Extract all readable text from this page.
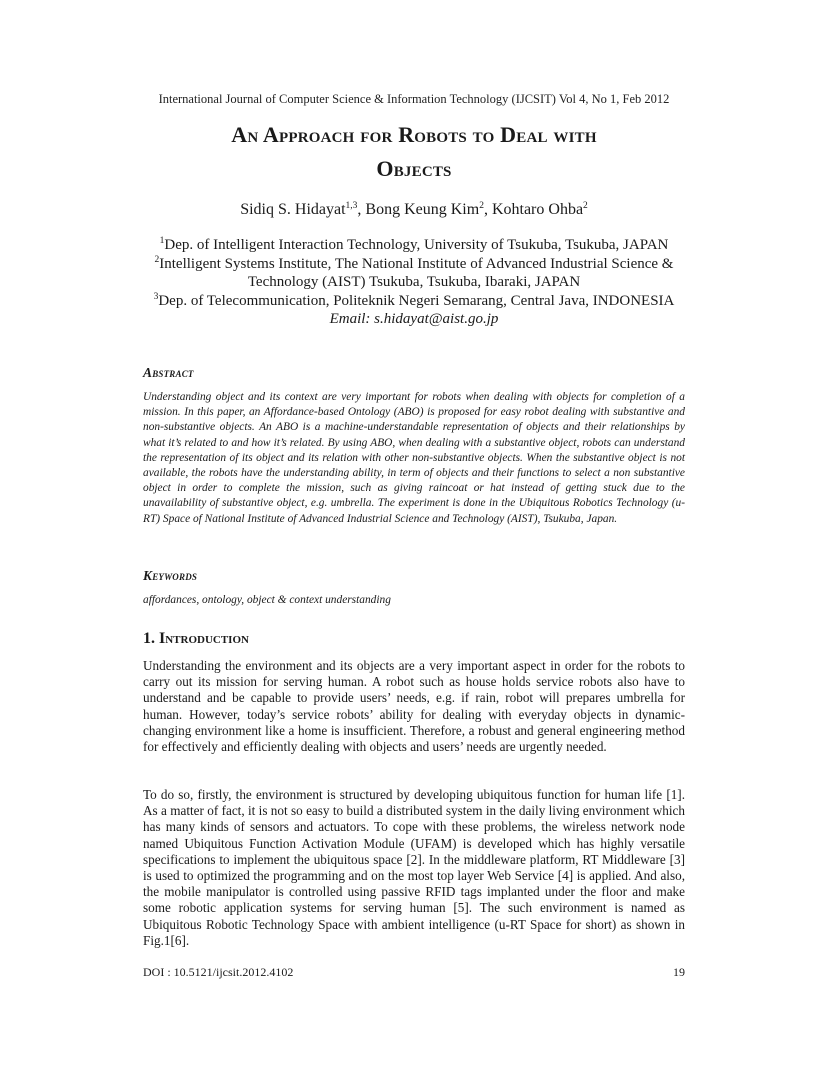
International Journal of Computer Science & Information Technology (IJCSIT) Vol 4, No 1, Feb 2012
An Approach for Robots to Deal with
Objects
Sidiq S. Hidayat$^{1,3}$, Bong Keung Kim$^2$, Kohtaro Ohba$^2$
$^1$Dep. of Intelligent Interaction Technology, University of Tsukuba, Tsukuba, JAPAN
$^2$Intelligent Systems Institute, The National Institute of Advanced Industrial Science &
Technology (AIST) Tsukuba, Tsukuba, Ibaraki, JAPAN
$^3$Dep. of Telecommunication, Politeknik Negeri Semarang, Central Java, INDONESIA
Email: s.hidayat@aist.go.jp
Abstract
Understanding object and its context are very important for robots when dealing with objects for completion of a mission. In this paper, an Affordance-based Ontology (ABO) is proposed for easy robot dealing with substantive and non-substantive objects. An ABO is a machine-understandable representation of objects and their relationships by what it’s related to and how it’s related. By using ABO, when dealing with a substantive object, robots can understand the representation of its object and its relation with other non-substantive objects. When the substantive object is not available, the robots have the understanding ability, in term of objects and their functions to select a non substantive object in order to complete the mission, such as giving raincoat or hat instead of getting stuck due to the unavailability of substantive object, e.g. umbrella. The experiment is done in the Ubiquitous Robotics Technology (u-RT) Space of National Institute of Advanced Industrial Science and Technology (AIST), Tsukuba, Japan.
Keywords
affordances, ontology, object & context understanding
1. Introduction
Understanding the environment and its objects are a very important aspect in order for the robots to carry out its mission for serving human. A robot such as house holds service robots also have to understand and be capable to provide users’ needs, e.g. if rain, robot will prepares umbrella for human. However, today’s service robots’ ability for dealing with everyday objects in dynamic-changing environment like a home is insufficient. Therefore, a robust and general engineering method for effectively and efficiently dealing with objects and users’ needs are urgently needed.
To do so, firstly, the environment is structured by developing ubiquitous function for human life [1]. As a matter of fact, it is not so easy to build a distributed system in the daily living environment which has many kinds of sensors and actuators. To cope with these problems, the wireless network node named Ubiquitous Function Activation Module (UFAM) is developed which has highly versatile specifications to implement the ubiquitous space [2]. In the middleware platform, RT Middleware [3] is used to optimized the programming and on the most top layer Web Service [4] is applied. And also, the mobile manipulator is controlled using passive RFID tags implanted under the floor and make some robotic application systems for serving human [5]. The such environment is named as Ubiquitous Robotic Technology Space with ambient intelligence (u-RT Space for short) as shown in Fig.1[6].
DOI : 10.5121/ijcsit.2012.4102	19
